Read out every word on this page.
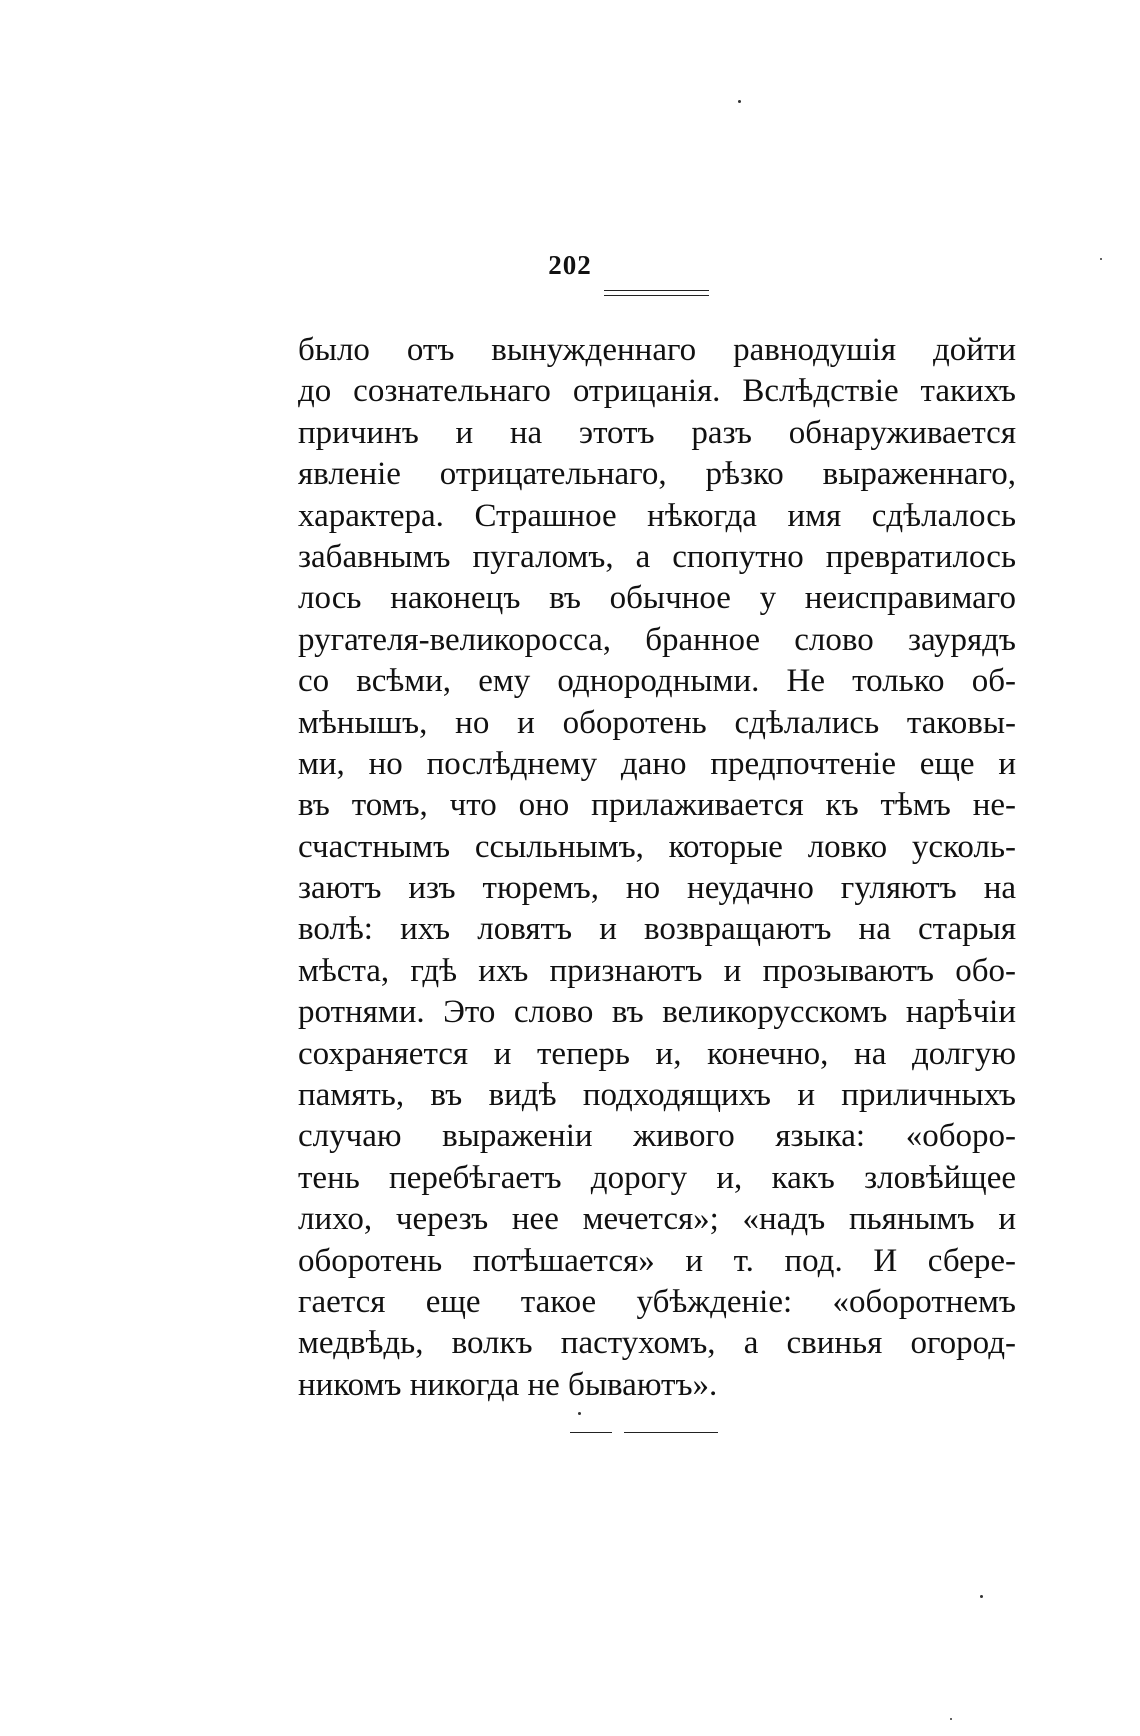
202
было отъ вынужденнаго равнодушія дойти
до сознательнаго отрицанія. Вслѣдствіе такихъ
причинъ и на этотъ разъ обнаруживается
явленіе отрицательнаго, рѣзко выраженнаго,
характера. Страшное нѣкогда имя сдѣлалось
забавнымъ пугаломъ, а спопутно превратилось
лось наконецъ въ обычное у неисправимаго
ругателя-великоросса, бранное слово заурядъ
со всѣми, ему однородными. Не только об-
мѣнышъ, но и оборотень сдѣлались таковы-
ми, но послѣднему дано предпочтеніе еще и
въ томъ, что оно прилаживается къ тѣмъ не-
счастнымъ ссыльнымъ, которые ловко усколь-
заютъ изъ тюремъ, но неудачно гуляютъ на
волѣ: ихъ ловятъ и возвращаютъ на старыя
мѣста, гдѣ ихъ признаютъ и прозываютъ обо-
ротнями. Это слово въ великорусскомъ нарѣчіи
сохраняется и теперь и, конечно, на долгую
память, въ видѣ подходящихъ и приличныхъ
случаю выраженіи живого языка: «оборо-
тень перебѣгаетъ дорогу и, какъ зловѣйщее
лихо, черезъ нее мечется»; «надъ пьянымъ и
оборотень потѣшается» и т. под. И сбере-
гается еще такое убѣжденіе: «оборотнемъ
медвѣдь, волкъ пастухомъ, а свинья огород-
никомъ никогда не бываютъ».
